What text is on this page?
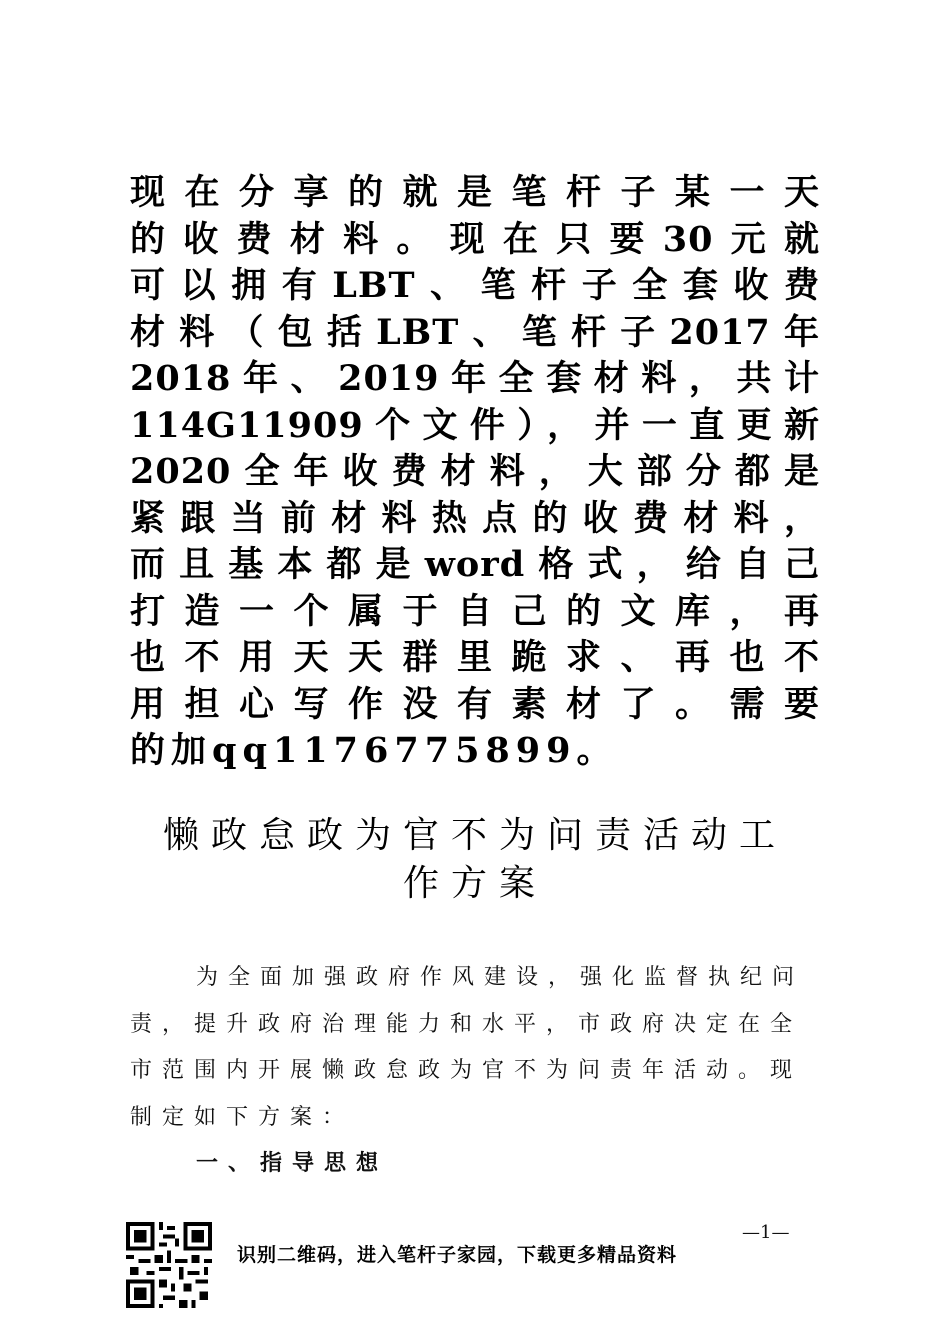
现在分享的就是笔杆子某一天
的收费材料。现在只要30元就
可以拥有LBT、笔杆子全套收费
材料（包括LBT、笔杆子2017年
2018年、2019年全套材料，共计
114G11909个文件），并一直更新
2020全年收费材料，大部分都是
紧跟当前材料热点的收费材料，
而且基本都是word格式，给自己
打造一个属于自己的文库，再
也不用天天群里跪求、再也不
用担心写作没有素材了。需要
的加qq1176775899。
懒政怠政为官不为问责活动工
作方案
为全面加强政府作风建设，强化监督执纪问责，提升政府治理能力和水平，市政府决定在全市范围内开展懒政怠政为官不为问责年活动。现制定如下方案：
一、指导思想
—1—
识别二维码，进入笔杆子家园，下载更多精品资料
